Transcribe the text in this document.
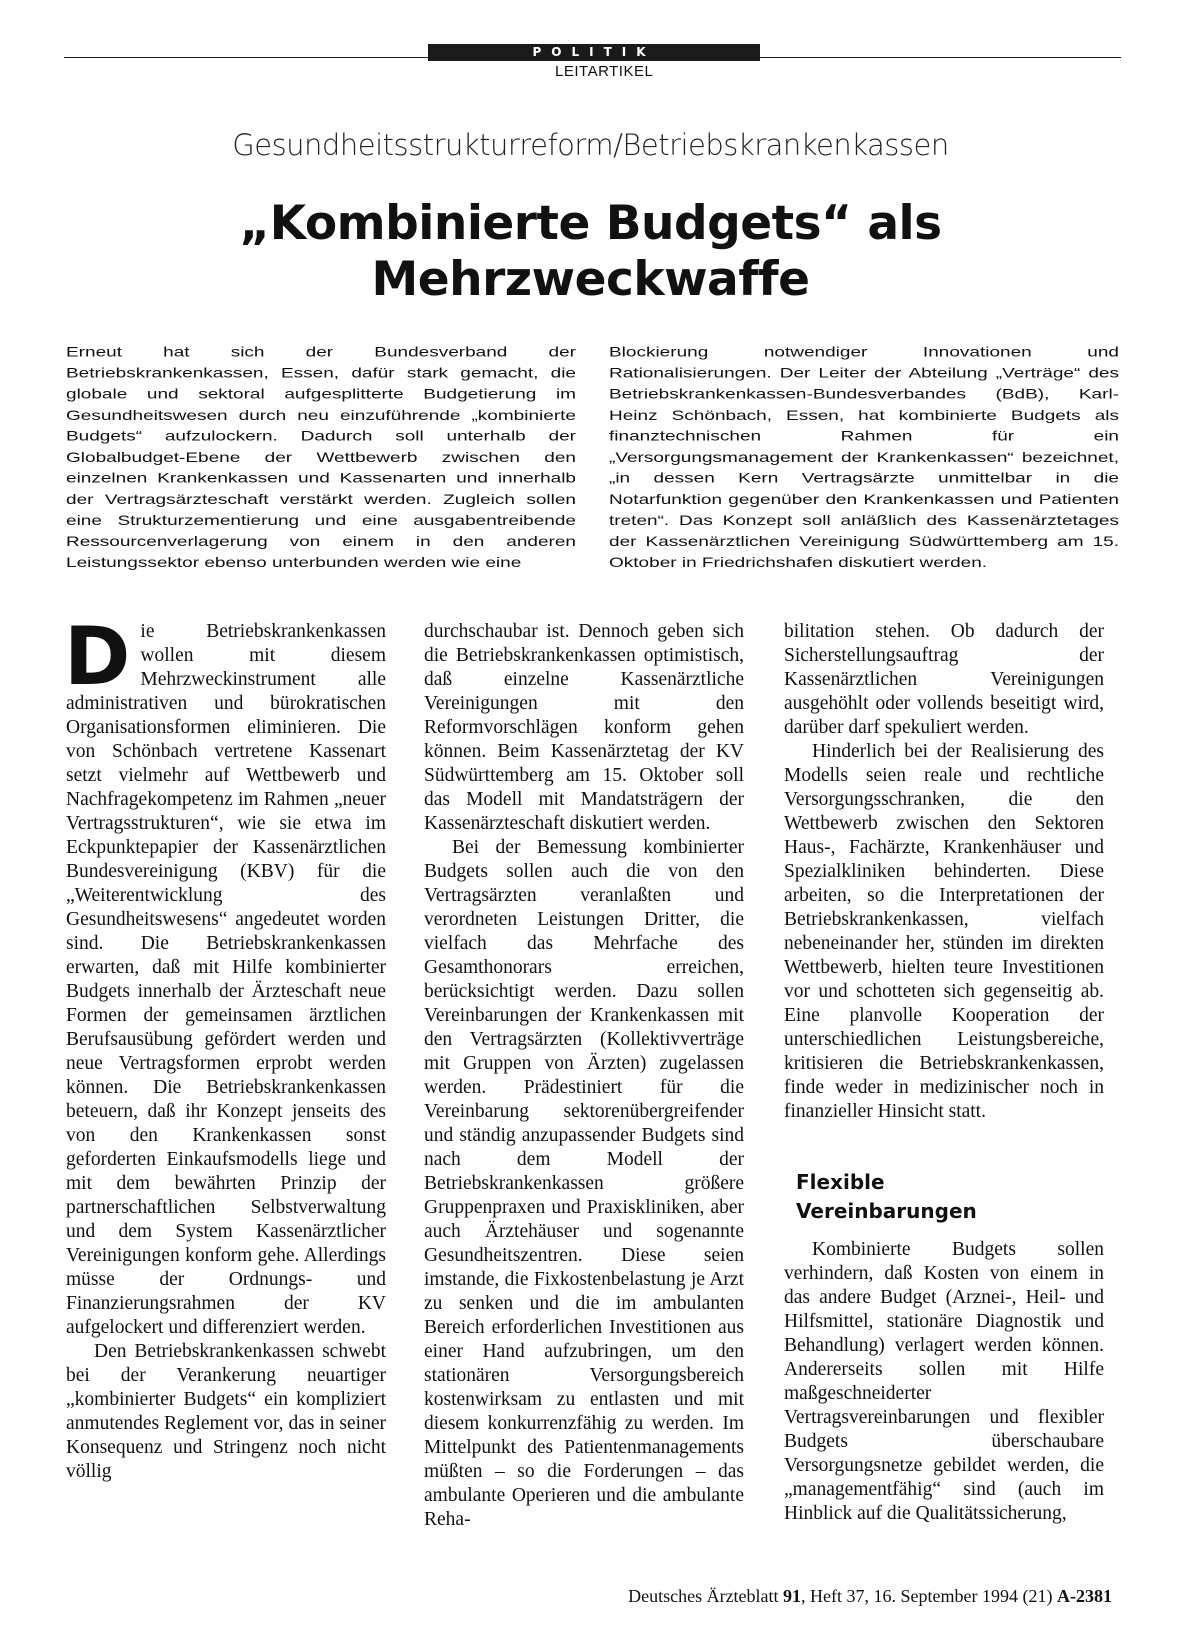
POLITIK
LEITARTIKEL
Gesundheitsstrukturreform/Betriebskrankenkassen
„Kombinierte Budgets“ als
Mehrzweckwaffe
Erneut hat sich der Bundesverband der Betriebskrankenkassen, Essen, dafür stark gemacht, die globale und sektoral aufgesplitterte Budgetierung im Gesundheitswesen durch neu einzuführende „kombinierte Budgets“ aufzulockern. Dadurch soll unterhalb der Globalbudget-Ebene der Wettbewerb zwischen den einzelnen Krankenkassen und Kassenarten und innerhalb der Vertragsärzteschaft verstärkt werden. Zugleich sollen eine Strukturzementierung und eine ausgabentreibende Ressourcenverlagerung von einem in den anderen Leistungssektor ebenso unterbunden werden wie eine
Blockierung notwendiger Innovationen und Rationalisierungen. Der Leiter der Abteilung „Verträge“ des Betriebskrankenkassen-Bundesverbandes (BdB), Karl-Heinz Schönbach, Essen, hat kombinierte Budgets als finanztechnischen Rahmen für ein „Versorgungsmanagement der Krankenkassen“ bezeichnet, „in dessen Kern Vertragsärzte unmittelbar in die Notarfunktion gegenüber den Krankenkassen und Patienten treten“. Das Konzept soll anläßlich des Kassenärztetages der Kassenärztlichen Vereinigung Südwürttemberg am 15. Oktober in Friedrichshafen diskutiert werden.

Die Betriebskrankenkassen wollen mit diesem Mehrzweckinstrument alle administrativen und bürokratischen Organisationsformen eliminieren. Die von Schönbach vertretene Kassenart setzt vielmehr auf Wettbewerb und Nachfragekompetenz im Rahmen „neuer Vertragsstrukturen“, wie sie etwa im Eckpunktepapier der Kassenärztlichen Bundesvereinigung (KBV) für die „Weiterentwicklung des Gesundheitswesens“ angedeutet worden sind. Die Betriebskrankenkassen erwarten, daß mit Hilfe kombinierter Budgets innerhalb der Ärzteschaft neue Formen der gemeinsamen ärztlichen Berufsausübung gefördert werden und neue Vertragsformen erprobt werden können. Die Betriebskrankenkassen beteuern, daß ihr Konzept jenseits des von den Krankenkassen sonst geforderten Einkaufsmodells liege und mit dem bewährten Prinzip der partnerschaftlichen Selbstverwaltung und dem System Kassenärztlicher Vereinigungen konform gehe. Allerdings müsse der Ordnungs- und Finanzierungsrahmen der KV aufgelockert und differenziert werden.

Den Betriebskrankenkassen schwebt bei der Verankerung neuartiger „kombinierter Budgets“ ein kompliziert anmutendes Reglement vor, das in seiner Konsequenz und Stringenz noch nicht völlig

durchschaubar ist. Dennoch geben sich die Betriebskrankenkassen optimistisch, daß einzelne Kassenärztliche Vereinigungen mit den Reformvorschlägen konform gehen können. Beim Kassenärztetag der KV Südwürttemberg am 15. Oktober soll das Modell mit Mandatsträgern der Kassenärzteschaft diskutiert werden.

Bei der Bemessung kombinierter Budgets sollen auch die von den Vertragsärzten veranlaßten und verordneten Leistungen Dritter, die vielfach das Mehrfache des Gesamthonorars erreichen, berücksichtigt werden. Dazu sollen Vereinbarungen der Krankenkassen mit den Vertragsärzten (Kollektivverträge mit Gruppen von Ärzten) zugelassen werden. Prädestiniert für die Vereinbarung sektorenübergreifender und ständig anzupassender Budgets sind nach dem Modell der Betriebskrankenkassen größere Gruppenpraxen und Praxiskliniken, aber auch Ärztehäuser und sogenannte Gesundheitszentren. Diese seien imstande, die Fixkostenbelastung je Arzt zu senken und die im ambulanten Bereich erforderlichen Investitionen aus einer Hand aufzubringen, um den stationären Versorgungsbereich kostenwirksam zu entlasten und mit diesem konkurrenzfähig zu werden. Im Mittelpunkt des Patientenmanagements müßten – so die Forderungen – das ambulante Operieren und die ambulante Reha-

bilitation stehen. Ob dadurch der Sicherstellungsauftrag der Kassenärztlichen Vereinigungen ausgehöhlt oder vollends beseitigt wird, darüber darf spekuliert werden.

Hinderlich bei der Realisierung des Modells seien reale und rechtliche Versorgungsschranken, die den Wettbewerb zwischen den Sektoren Haus-, Fachärzte, Krankenhäuser und Spezialkliniken behinderten. Diese arbeiten, so die Interpretationen der Betriebskrankenkassen, vielfach nebeneinander her, stünden im direkten Wettbewerb, hielten teure Investitionen vor und schotteten sich gegenseitig ab. Eine planvolle Kooperation der unterschiedlichen Leistungsbereiche, kritisieren die Betriebskrankenkassen, finde weder in medizinischer noch in finanzieller Hinsicht statt.

Flexible
Vereinbarungen

Kombinierte Budgets sollen verhindern, daß Kosten von einem in das andere Budget (Arznei-, Heil- und Hilfsmittel, stationäre Diagnostik und Behandlung) verlagert werden können. Andererseits sollen mit Hilfe maßgeschneiderter Vertragsvereinbarungen und flexibler Budgets überschaubare Versorgungsnetze gebildet werden, die „managementfähig“ sind (auch im Hinblick auf die Qualitätssicherung,

Deutsches Ärzteblatt 91, Heft 37, 16. September 1994 (21) A-2381
